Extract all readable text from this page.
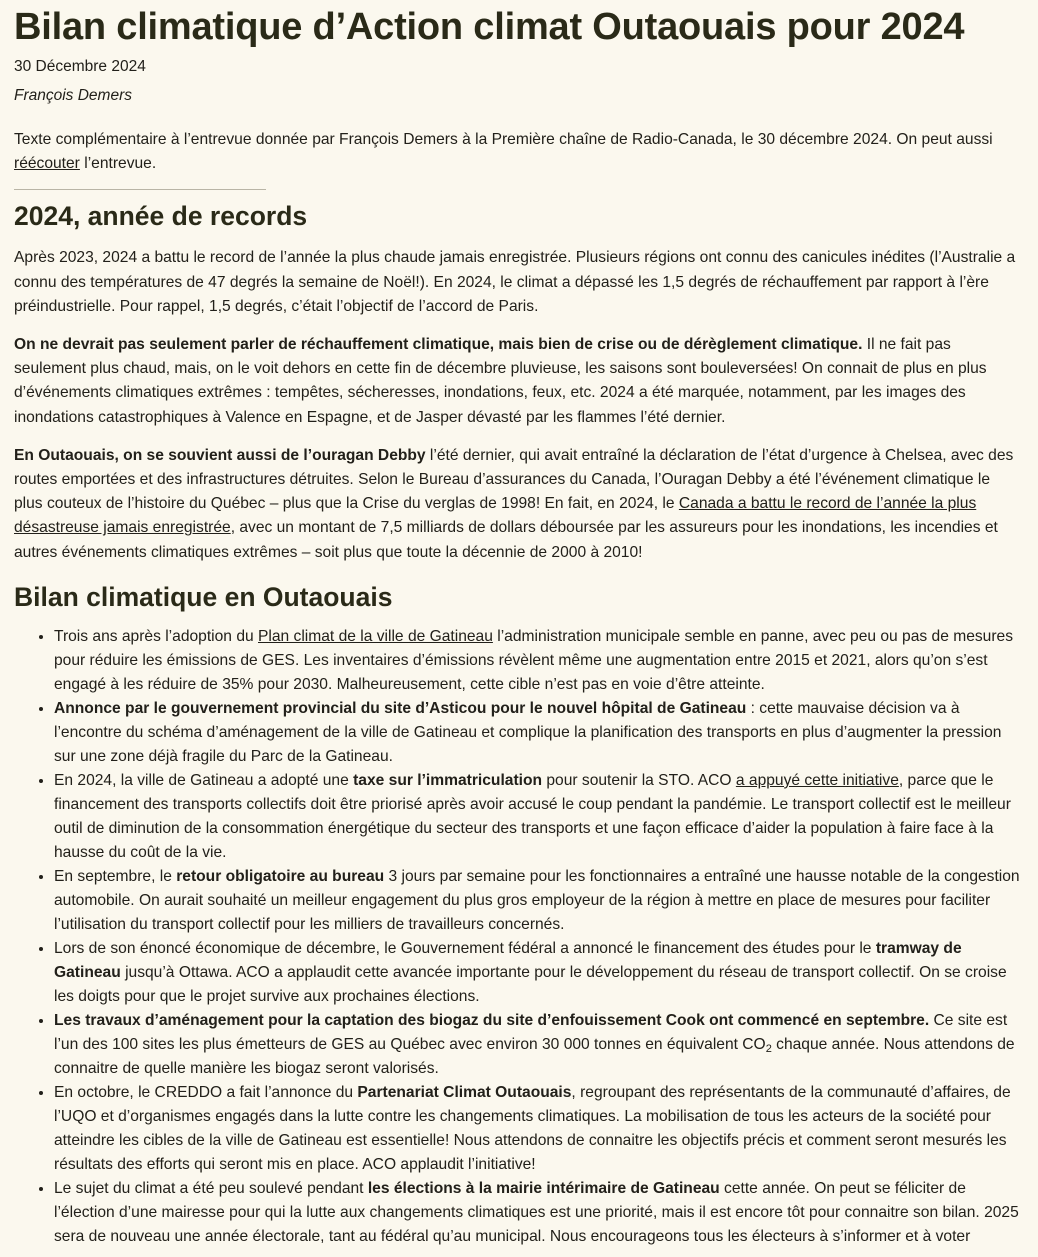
Bilan climatique d’Action climat Outaouais pour 2024
30 Décembre 2024
François Demers

Texte complémentaire à l’entrevue donnée par François Demers à la Première chaîne de Radio-Canada, le 30 décembre 2024. On peut aussi réécouter l’entrevue.

2024, année de records

Après 2023, 2024 a battu le record de l’année la plus chaude jamais enregistrée. Plusieurs régions ont connu des canicules inédites (l’Australie a connu des températures de 47 degrés la semaine de Noël!). En 2024, le climat a dépassé les 1,5 degrés de réchauffement par rapport à l’ère préindustrielle. Pour rappel, 1,5 degrés, c’était l’objectif de l’accord de Paris.

On ne devrait pas seulement parler de réchauffement climatique, mais bien de crise ou de dérèglement climatique. Il ne fait pas seulement plus chaud, mais, on le voit dehors en cette fin de décembre pluvieuse, les saisons sont bouleversées! On connait de plus en plus d’événements climatiques extrêmes : tempêtes, sécheresses, inondations, feux, etc. 2024 a été marquée, notamment, par les images des inondations catastrophiques à Valence en Espagne, et de Jasper dévasté par les flammes l’été dernier.

En Outaouais, on se souvient aussi de l’ouragan Debby l’été dernier, qui avait entraîné la déclaration de l’état d’urgence à Chelsea, avec des routes emportées et des infrastructures détruites. Selon le Bureau d’assurances du Canada, l’Ouragan Debby a été l’événement climatique le plus couteux de l’histoire du Québec – plus que la Crise du verglas de 1998! En fait, en 2024, le Canada a battu le record de l’année la plus désastreuse jamais enregistrée, avec un montant de 7,5 milliards de dollars déboursée par les assureurs pour les inondations, les incendies et autres événements climatiques extrêmes – soit plus que toute la décennie de 2000 à 2010!

Bilan climatique en Outaouais
• Trois ans après l’adoption du Plan climat de la ville de Gatineau l’administration municipale semble en panne, avec peu ou pas de mesures pour réduire les émissions de GES. Les inventaires d’émissions révèlent même une augmentation entre 2015 et 2021, alors qu’on s’est engagé à les réduire de 35% pour 2030. Malheureusement, cette cible n’est pas en voie d’être atteinte.
• Annonce par le gouvernement provincial du site d’Asticou pour le nouvel hôpital de Gatineau : cette mauvaise décision va à l’encontre du schéma d’aménagement de la ville de Gatineau et complique la planification des transports en plus d’augmenter la pression sur une zone déjà fragile du Parc de la Gatineau.
• En 2024, la ville de Gatineau a adopté une taxe sur l’immatriculation pour soutenir la STO. ACO a appuyé cette initiative, parce que le financement des transports collectifs doit être priorisé après avoir accusé le coup pendant la pandémie. Le transport collectif est le meilleur outil de diminution de la consommation énergétique du secteur des transports et une façon efficace d’aider la population à faire face à la hausse du coût de la vie.
• En septembre, le retour obligatoire au bureau 3 jours par semaine pour les fonctionnaires a entraîné une hausse notable de la congestion automobile. On aurait souhaité un meilleur engagement du plus gros employeur de la région à mettre en place de mesures pour faciliter l’utilisation du transport collectif pour les milliers de travailleurs concernés.
• Lors de son énoncé économique de décembre, le Gouvernement fédéral a annoncé le financement des études pour le tramway de Gatineau jusqu’à Ottawa. ACO a applaudit cette avancée importante pour le développement du réseau de transport collectif. On se croise les doigts pour que le projet survive aux prochaines élections.
• Les travaux d’aménagement pour la captation des biogaz du site d’enfouissement Cook ont commencé en septembre. Ce site est l’un des 100 sites les plus émetteurs de GES au Québec avec environ 30 000 tonnes en équivalent $CO_2$ chaque année. Nous attendons de connaitre de quelle manière les biogaz seront valorisés.
• En octobre, le CREDDO a fait l’annonce du Partenariat Climat Outaouais, regroupant des représentants de la communauté d’affaires, de l’UQO et d’organismes engagés dans la lutte contre les changements climatiques. La mobilisation de tous les acteurs de la société pour atteindre les cibles de la ville de Gatineau est essentielle! Nous attendons de connaitre les objectifs précis et comment seront mesurés les résultats des efforts qui seront mis en place. ACO applaudit l’initiative!
• Le sujet du climat a été peu soulevé pendant les élections à la mairie intérimaire de Gatineau cette année. On peut se féliciter de l’élection d’une mairesse pour qui la lutte aux changements climatiques est une priorité, mais il est encore tôt pour connaitre son bilan. 2025 sera de nouveau une année électorale, tant au fédéral qu’au municipal. Nous encourageons tous les électeurs à s’informer et à voter
